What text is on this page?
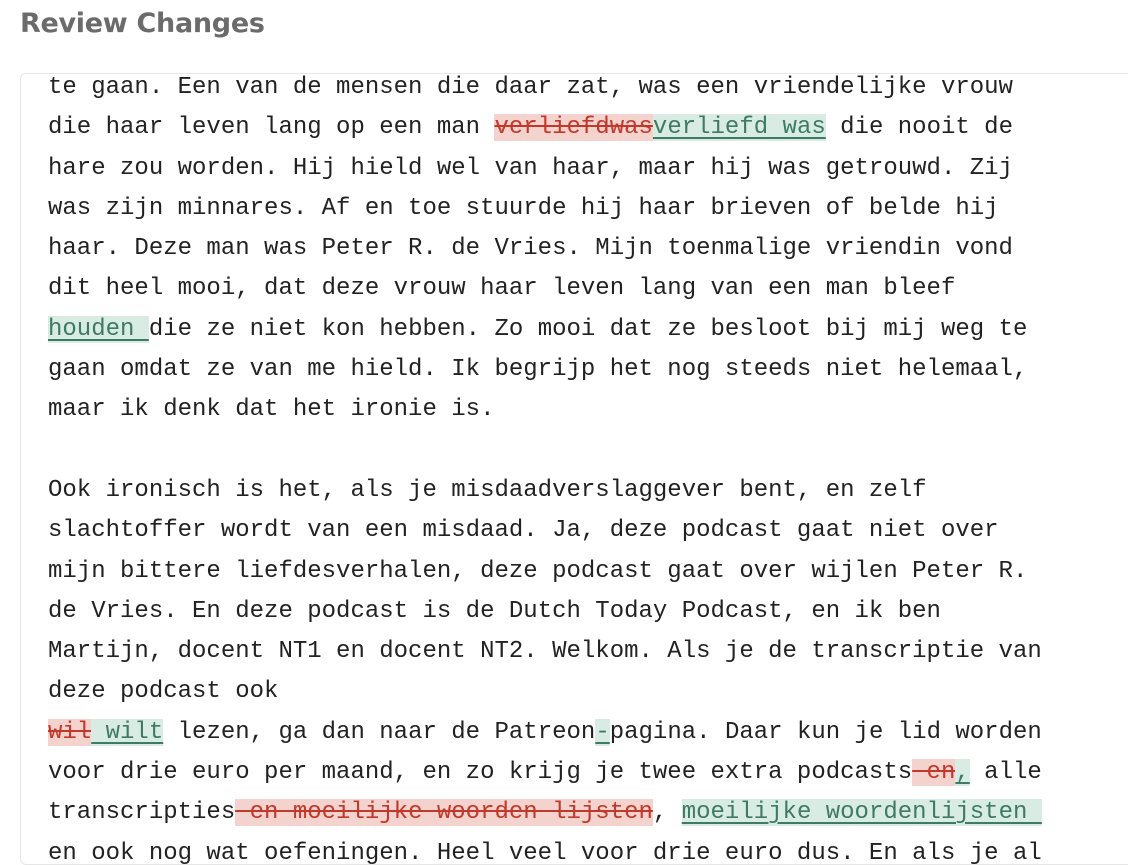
Review Changes
te gaan. Een van de mensen die daar zat, was een vriendelijke vrouw
die haar leven lang op een man verliefdwasverliefd was die nooit de
hare zou worden. Hij hield wel van haar, maar hij was getrouwd. Zij
was zijn minnares. Af en toe stuurde hij haar brieven of belde hij
haar. Deze man was Peter R. de Vries. Mijn toenmalige vriendin vond
dit heel mooi, dat deze vrouw haar leven lang van een man bleef
houden die ze niet kon hebben. Zo mooi dat ze besloot bij mij weg te
gaan omdat ze van me hield. Ik begrijp het nog steeds niet helemaal,
maar ik denk dat het ironie is.
Ook ironisch is het, als je misdaadverslaggever bent, en zelf
slachtoffer wordt van een misdaad. Ja, deze podcast gaat niet over
mijn bittere liefdesverhalen, deze podcast gaat over wijlen Peter R.
de Vries. En deze podcast is de Dutch Today Podcast, en ik ben
Martijn, docent NT1 en docent NT2. Welkom. Als je de transcriptie van
deze podcast ook
wil wilt lezen, ga dan naar de Patreon-pagina. Daar kun je lid worden
voor drie euro per maand, en zo krijg je twee extra podcasts en, alle
transcripties en moeilijke woorden lijsten, moeilijke woordenlijsten
en ook nog wat oefeningen. Heel veel voor drie euro dus. En als je al
